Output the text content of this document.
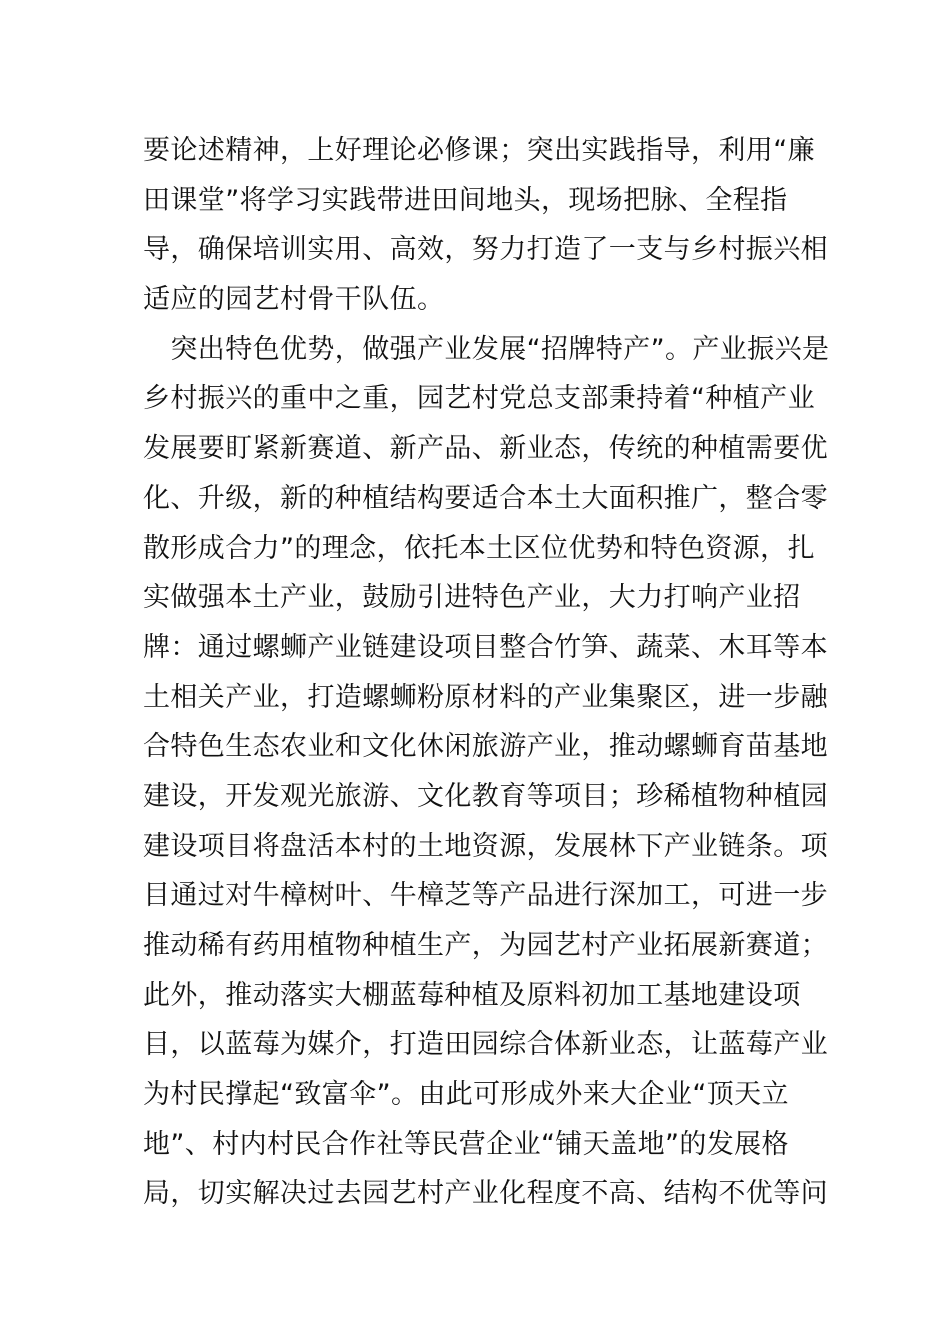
要论述精神，上好理论必修课；突出实践指导，利用“廉
田课堂”将学习实践带进田间地头，现场把脉、全程指
导，确保培训实用、高效，努力打造了一支与乡村振兴相
适应的园艺村骨干队伍。
　突出特色优势，做强产业发展“招牌特产”。产业振兴是
乡村振兴的重中之重，园艺村党总支部秉持着“种植产业
发展要盯紧新赛道、新产品、新业态，传统的种植需要优
化、升级，新的种植结构要适合本土大面积推广，整合零
散形成合力”的理念，依托本土区位优势和特色资源，扎
实做强本土产业，鼓励引进特色产业，大力打响产业招
牌：通过螺蛳产业链建设项目整合竹笋、蔬菜、木耳等本
土相关产业，打造螺蛳粉原材料的产业集聚区，进一步融
合特色生态农业和文化休闲旅游产业，推动螺蛳育苗基地
建设，开发观光旅游、文化教育等项目；珍稀植物种植园
建设项目将盘活本村的土地资源，发展林下产业链条。项
目通过对牛樟树叶、牛樟芝等产品进行深加工，可进一步
推动稀有药用植物种植生产，为园艺村产业拓展新赛道；
此外，推动落实大棚蓝莓种植及原料初加工基地建设项
目，以蓝莓为媒介，打造田园综合体新业态，让蓝莓产业
为村民撑起“致富伞”。由此可形成外来大企业“顶天立
地”、村内村民合作社等民营企业“铺天盖地”的发展格
局，切实解决过去园艺村产业化程度不高、结构不优等问
